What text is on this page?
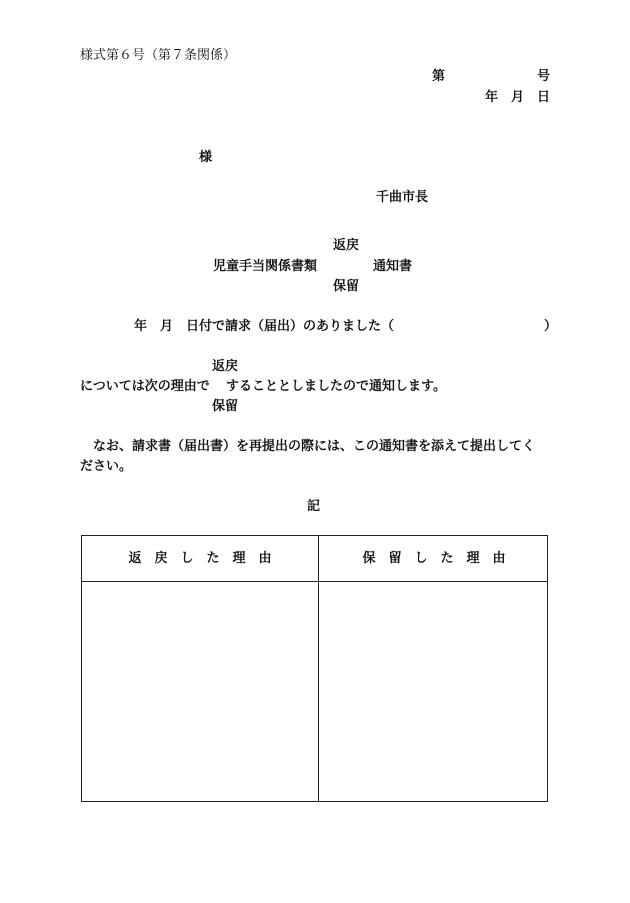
様式第６号（第７条関係）
第	号
年　月　日
様
千曲市長
返戻
児童手当関係書類	通知書
保留
年　月　日付で請求（届出）のありました（	）
返戻
については次の理由で することとしましたので通知します。
保留
なお、請求書（届出書）を再提出の際には、この通知書を添えて提出してく
ださい。
記
返戻した理由	保留した理由
